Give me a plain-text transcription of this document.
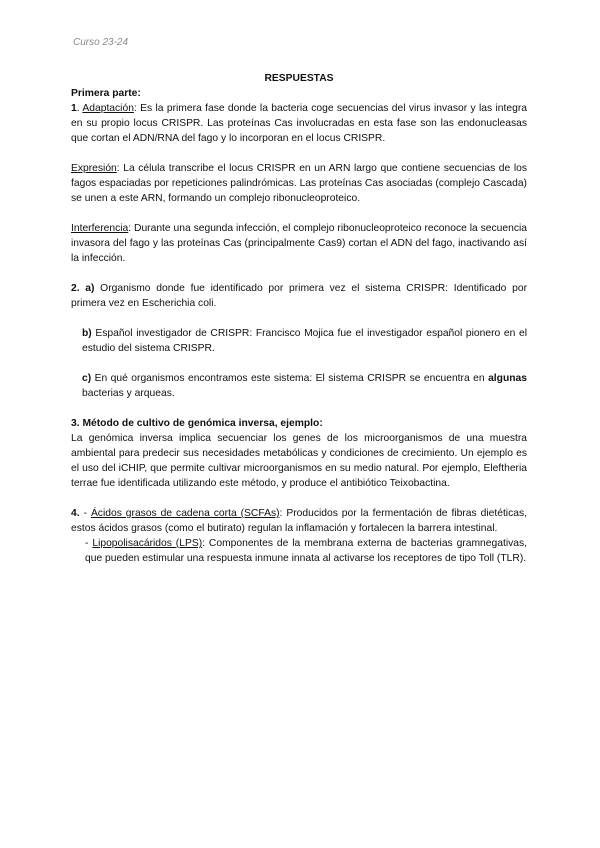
Curso 23-24

RESPUESTAS

Primera parte:

1. Adaptación: Es la primera fase donde la bacteria coge secuencias del virus invasor y las integra en su propio locus CRISPR. Las proteínas Cas involucradas en esta fase son las endonucleasas que cortan el ADN/RNA del fago y lo incorporan en el locus CRISPR.

Expresión: La célula transcribe el locus CRISPR en un ARN largo que contiene secuencias de los fagos espaciadas por repeticiones palindrómicas. Las proteínas Cas asociadas (complejo Cascada) se unen a este ARN, formando un complejo ribonucleoproteico.

Interferencia: Durante una segunda infección, el complejo ribonucleoproteico reconoce la secuencia invasora del fago y las proteínas Cas (principalmente Cas9) cortan el ADN del fago, inactivando así la infección.

2. a) Organismo donde fue identificado por primera vez el sistema CRISPR: Identificado por primera vez en Escherichia coli.

b) Español investigador de CRISPR: Francisco Mojica fue el investigador español pionero en el estudio del sistema CRISPR.

c) En qué organismos encontramos este sistema: El sistema CRISPR se encuentra en algunas bacterias y arqueas.

3. Método de cultivo de genómica inversa, ejemplo:

La genómica inversa implica secuenciar los genes de los microorganismos de una muestra ambiental para predecir sus necesidades metabólicas y condiciones de crecimiento. Un ejemplo es el uso del iCHIP, que permite cultivar microorganismos en su medio natural. Por ejemplo, Eleftheria terrae fue identificada utilizando este método, y produce el antibiótico Teixobactina.

4. - Ácidos grasos de cadena corta (SCFAs): Producidos por la fermentación de fibras dietéticas, estos ácidos grasos (como el butirato) regulan la inflamación y fortalecen la barrera intestinal.

- Lipopolisacáridos (LPS): Componentes de la membrana externa de bacterias gramnegativas, que pueden estimular una respuesta inmune innata al activarse los receptores de tipo Toll (TLR).
